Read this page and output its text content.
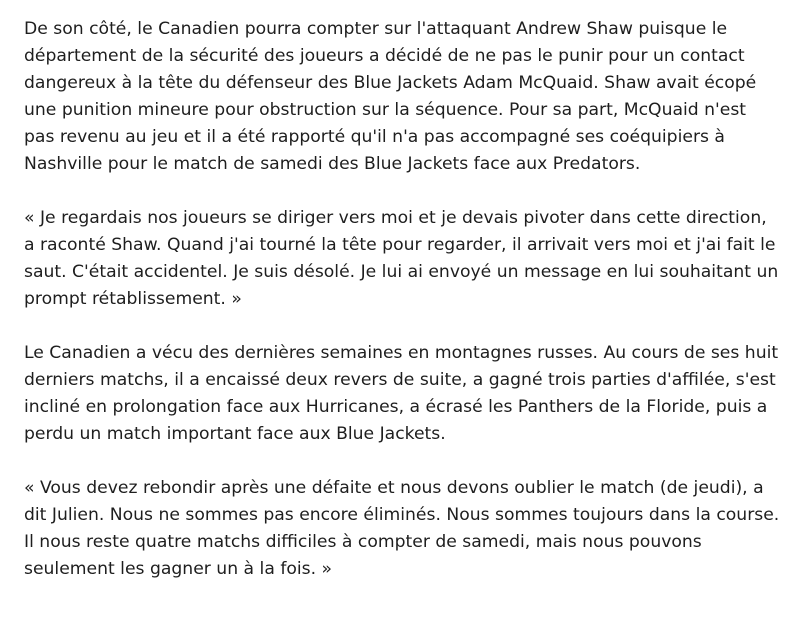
De son côté, le Canadien pourra compter sur l'attaquant Andrew Shaw puisque le département de la sécurité des joueurs a décidé de ne pas le punir pour un contact dangereux à la tête du défenseur des Blue Jackets Adam McQuaid. Shaw avait écopé une punition mineure pour obstruction sur la séquence. Pour sa part, McQuaid n'est pas revenu au jeu et il a été rapporté qu'il n'a pas accompagné ses coéquipiers à Nashville pour le match de samedi des Blue Jackets face aux Predators.

« Je regardais nos joueurs se diriger vers moi et je devais pivoter dans cette direction, a raconté Shaw. Quand j'ai tourné la tête pour regarder, il arrivait vers moi et j'ai fait le saut. C'était accidentel. Je suis désolé. Je lui ai envoyé un message en lui souhaitant un prompt rétablissement. »

Le Canadien a vécu des dernières semaines en montagnes russes. Au cours de ses huit derniers matchs, il a encaissé deux revers de suite, a gagné trois parties d'affilée, s'est incliné en prolongation face aux Hurricanes, a écrasé les Panthers de la Floride, puis a perdu un match important face aux Blue Jackets.

« Vous devez rebondir après une défaite et nous devons oublier le match (de jeudi), a dit Julien. Nous ne sommes pas encore éliminés. Nous sommes toujours dans la course. Il nous reste quatre matchs difficiles à compter de samedi, mais nous pouvons seulement les gagner un à la fois. »
